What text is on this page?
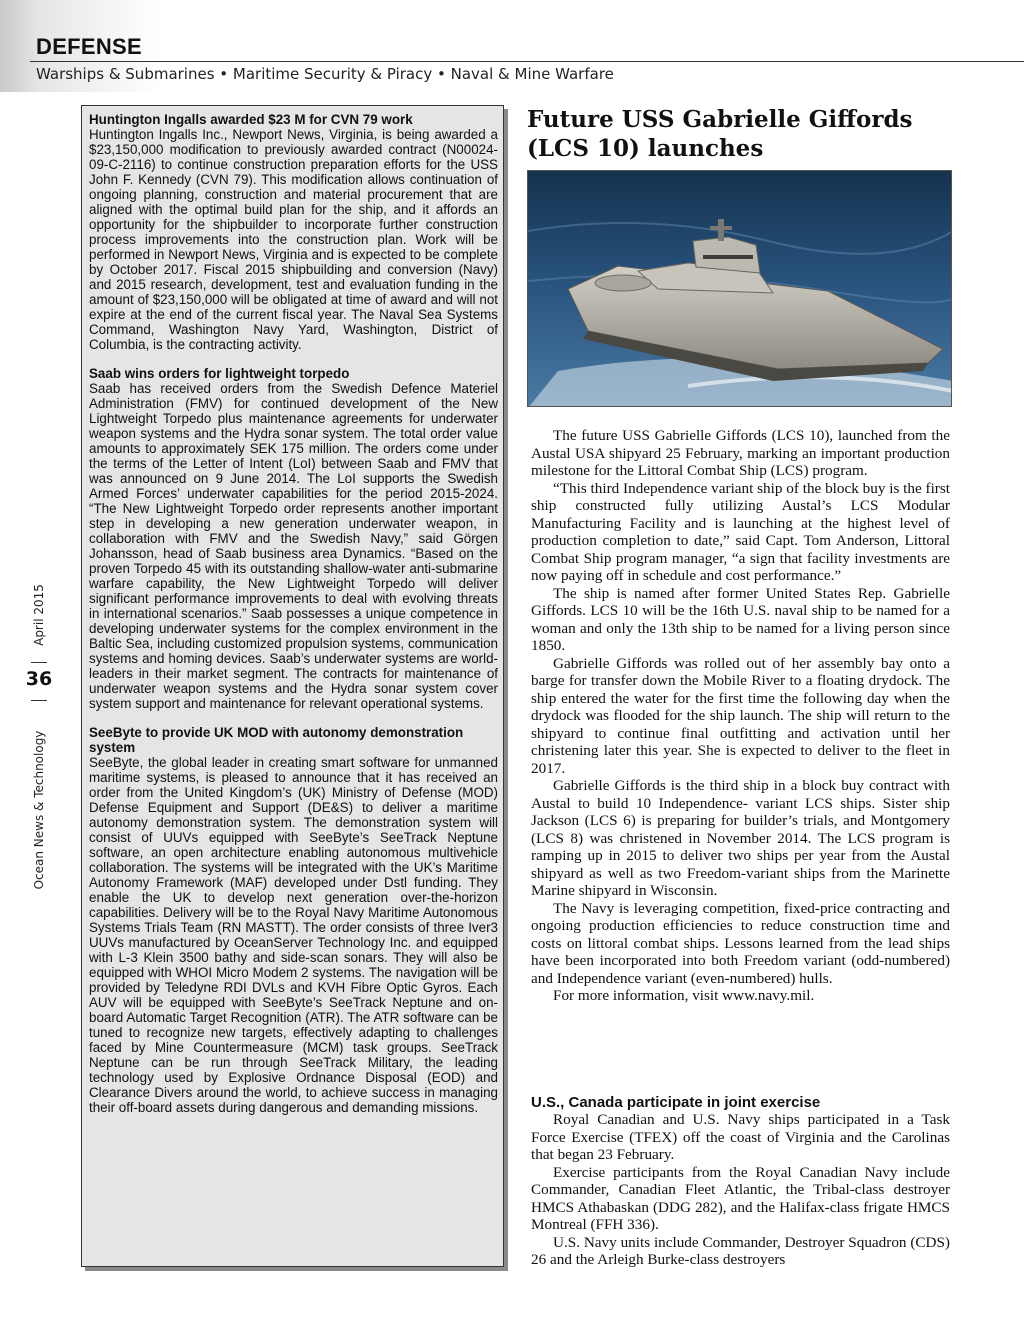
DEFENSE

Warships & Submarines • Maritime Security & Piracy • Naval & Mine Warfare

April 2015
36
Ocean News & Technology
Huntington Ingalls awarded $23 M for CVN 79 work

Huntington Ingalls Inc., Newport News, Virginia, is being awarded a $23,150,000 modification to previously awarded contract (N00024-09-C-2116) to continue construction preparation efforts for the USS John F. Kennedy (CVN 79). This modification allows continuation of ongoing planning, construction and material procurement that are aligned with the optimal build plan for the ship, and it affords an opportunity for the shipbuilder to incorporate further construction process improvements into the construction plan. Work will be performed in Newport News, Virginia and is expected to be complete by October 2017. Fiscal 2015 shipbuilding and conversion (Navy) and 2015 research, development, test and evaluation funding in the amount of $23,150,000 will be obligated at time of award and will not expire at the end of the current fiscal year. The Naval Sea Systems Command, Washington Navy Yard, Washington, District of Columbia, is the contracting activity.

Saab wins orders for lightweight torpedo

Saab has received orders from the Swedish Defence Materiel Administration (FMV) for continued development of the New Lightweight Torpedo plus maintenance agreements for underwater weapon systems and the Hydra sonar system. The total order value amounts to approximately SEK 175 million. The orders come under the terms of the Letter of Intent (LoI) between Saab and FMV that was announced on 9 June 2014. The LoI supports the Swedish Armed Forces’ underwater capabilities for the period 2015-2024. “The New Lightweight Torpedo order represents another important step in developing a new generation underwater weapon, in collaboration with FMV and the Swedish Navy,” said Görgen Johansson, head of Saab business area Dynamics. “Based on the proven Torpedo 45 with its outstanding shallow-water anti-submarine warfare capability, the New Lightweight Torpedo will deliver significant performance improvements to deal with evolving threats in international scenarios.” Saab possesses a unique competence in developing underwater systems for the complex environment in the Baltic Sea, including customized propulsion systems, communication systems and homing devices. Saab’s underwater systems are world-leaders in their market segment. The contracts for maintenance of underwater weapon systems and the Hydra sonar system cover system support and maintenance for relevant operational systems.

SeeByte to provide UK MOD with autonomy demonstration system

SeeByte, the global leader in creating smart software for unmanned maritime systems, is pleased to announce that it has received an order from the United Kingdom’s (UK) Ministry of Defense (MOD) Defense Equipment and Support (DE&S) to deliver a maritime autonomy demonstration system. The demonstration system will consist of UUVs equipped with SeeByte’s SeeTrack Neptune software, an open architecture enabling autonomous multivehicle collaboration. The systems will be integrated with the UK’s Maritime Autonomy Framework (MAF) developed under Dstl funding. They enable the UK to develop next generation over-the-horizon capabilities. Delivery will be to the Royal Navy Maritime Autonomous Systems Trials Team (RN MASTT). The order consists of three Iver3 UUVs manufactured by OceanServer Technology Inc. and equipped with L-3 Klein 3500 bathy and side-scan sonars. They will also be equipped with WHOI Micro Modem 2 systems. The navigation will be provided by Teledyne RDI DVLs and KVH Fibre Optic Gyros. Each AUV will be equipped with SeeByte’s SeeTrack Neptune and on-board Automatic Target Recognition (ATR). The ATR software can be tuned to recognize new targets, effectively adapting to challenges faced by Mine Countermeasure (MCM) task groups. SeeTrack Neptune can be run through SeeTrack Military, the leading technology used by Explosive Ordnance Disposal (EOD) and Clearance Divers around the world, to achieve success in managing their off-board assets during dangerous and demanding missions.

Future USS Gabrielle Giffords (LCS 10) launches

The future USS Gabrielle Giffords (LCS 10), launched from the Austal USA shipyard 25 February, marking an important production milestone for the Littoral Combat Ship (LCS) program.

“This third Independence variant ship of the block buy is the first ship constructed fully utilizing Austal’s LCS Modular Manufacturing Facility and is launching at the highest level of production completion to date,” said Capt. Tom Anderson, Littoral Combat Ship program manager, “a sign that facility investments are now paying off in schedule and cost performance.”

The ship is named after former United States Rep. Gabrielle Giffords. LCS 10 will be the 16th U.S. naval ship to be named for a woman and only the 13th ship to be named for a living person since 1850.

Gabrielle Giffords was rolled out of her assembly bay onto a barge for transfer down the Mobile River to a floating drydock. The ship entered the water for the first time the following day when the drydock was flooded for the ship launch. The ship will return to the shipyard to continue final outfitting and activation until her christening later this year. She is expected to deliver to the fleet in 2017.

Gabrielle Giffords is the third ship in a block buy contract with Austal to build 10 Independence- variant LCS ships. Sister ship Jackson (LCS 6) is preparing for builder’s trials, and Montgomery (LCS 8) was christened in November 2014. The LCS program is ramping up in 2015 to deliver two ships per year from the Austal shipyard as well as two Freedom-variant ships from the Marinette Marine shipyard in Wisconsin.

The Navy is leveraging competition, fixed-price contracting and ongoing production efficiencies to reduce construction time and costs on littoral combat ships. Lessons learned from the lead ships have been incorporated into both Freedom variant (odd-numbered) and Independence variant (even-numbered) hulls.

For more information, visit www.navy.mil.

U.S., Canada participate in joint exercise

Royal Canadian and U.S. Navy ships participated in a Task Force Exercise (TFEX) off the coast of Virginia and the Carolinas that began 23 February.

Exercise participants from the Royal Canadian Navy include Commander, Canadian Fleet Atlantic, the Tribal-class destroyer HMCS Athabaskan (DDG 282), and the Halifax-class frigate HMCS Montreal (FFH 336).

U.S. Navy units include Commander, Destroyer Squadron (CDS) 26 and the Arleigh Burke-class destroyers
